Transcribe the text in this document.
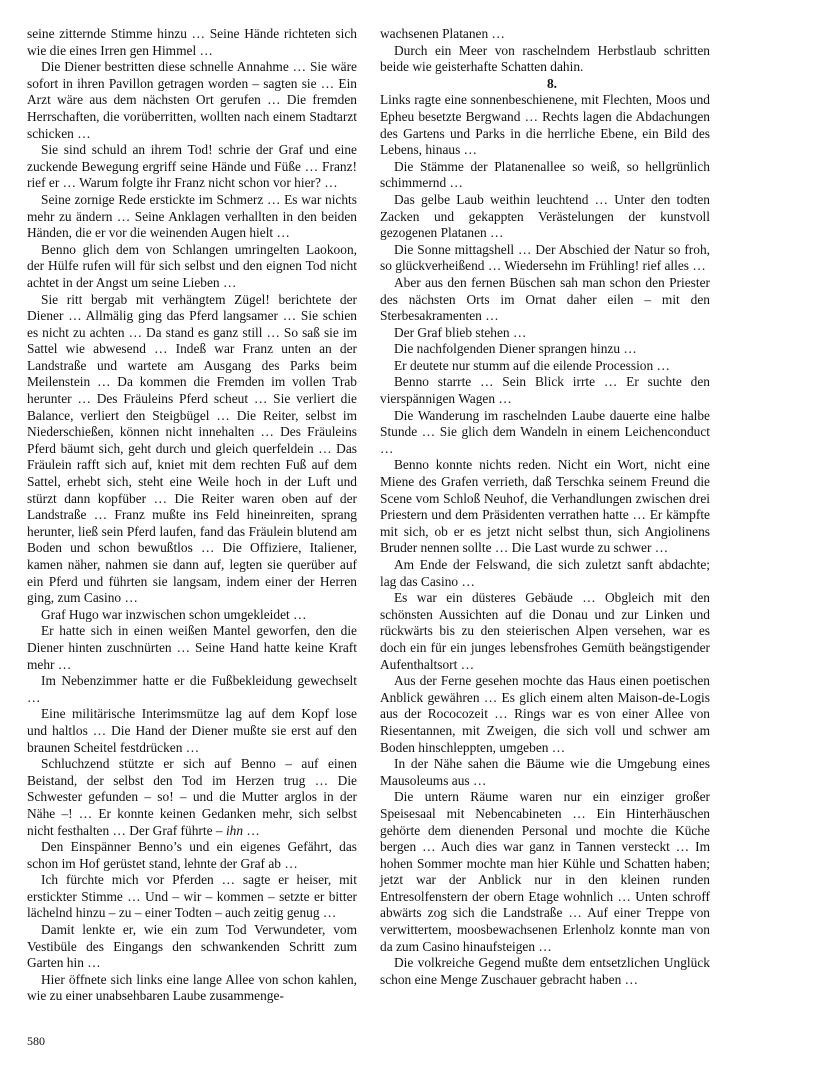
seine zitternde Stimme hinzu … Seine Hände richteten sich wie die eines Irren gen Himmel …

Die Diener bestritten diese schnelle Annahme … Sie wäre sofort in ihren Pavillon getragen worden – sagten sie … Ein Arzt wäre aus dem nächsten Ort gerufen … Die fremden Herrschaften, die vorüberritten, wollten nach einem Stadtarzt schicken …

Sie sind schuld an ihrem Tod! schrie der Graf und eine zuckende Bewegung ergriff seine Hände und Füße … Franz! rief er … Warum folgte ihr Franz nicht schon vor hier? …

Seine zornige Rede erstickte im Schmerz … Es war nichts mehr zu ändern … Seine Anklagen verhallten in den beiden Händen, die er vor die weinenden Augen hielt …

Benno glich dem von Schlangen umringelten Laokoon, der Hülfe rufen will für sich selbst und den eignen Tod nicht achtet in der Angst um seine Lieben …

Sie ritt bergab mit verhängtem Zügel! berichtete der Diener … Allmälig ging das Pferd langsamer … Sie schien es nicht zu achten … Da stand es ganz still … So saß sie im Sattel wie abwesend … Indeß war Franz unten an der Landstraße und wartete am Ausgang des Parks beim Meilenstein … Da kommen die Fremden im vollen Trab herunter … Des Fräuleins Pferd scheut … Sie verliert die Balance, verliert den Steigbügel … Die Reiter, selbst im Niederschießen, können nicht innehalten … Des Fräuleins Pferd bäumt sich, geht durch und gleich querfeldein … Das Fräulein rafft sich auf, kniet mit dem rechten Fuß auf dem Sattel, erhebt sich, steht eine Weile hoch in der Luft und stürzt dann kopfüber … Die Reiter waren oben auf der Landstraße … Franz mußte ins Feld hineinreiten, sprang herunter, ließ sein Pferd laufen, fand das Fräulein blutend am Boden und schon bewußtlos … Die Offiziere, Italiener, kamen näher, nahmen sie dann auf, legten sie querüber auf ein Pferd und führten sie langsam, indem einer der Herren ging, zum Casino …

Graf Hugo war inzwischen schon umgekleidet …

Er hatte sich in einen weißen Mantel geworfen, den die Diener hinten zuschnürten … Seine Hand hatte keine Kraft mehr …

Im Nebenzimmer hatte er die Fußbekleidung gewechselt …

Eine militärische Interimsmütze lag auf dem Kopf lose und haltlos … Die Hand der Diener mußte sie erst auf den braunen Scheitel festdrücken …

Schluchzend stützte er sich auf Benno – auf einen Beistand, der selbst den Tod im Herzen trug … Die Schwester gefunden – so! – und die Mutter arglos in der Nähe –! … Er konnte keinen Gedanken mehr, sich selbst nicht festhalten … Der Graf führte – ihn …

Den Einspänner Benno’s und ein eigenes Gefährt, das schon im Hof gerüstet stand, lehnte der Graf ab …

Ich fürchte mich vor Pferden … sagte er heiser, mit erstickter Stimme … Und – wir – kommen – setzte er bitter lächelnd hinzu – zu – einer Todten – auch zeitig genug …

Damit lenkte er, wie ein zum Tod Verwundeter, vom Vestibüle des Eingangs den schwankenden Schritt zum Garten hin …

Hier öffnete sich links eine lange Allee von schon kahlen, wie zu einer unabsehbaren Laube zusammenge-

wachsenen Platanen …

Durch ein Meer von raschelndem Herbstlaub schritten beide wie geisterhafte Schatten dahin.

8.

Links ragte eine sonnenbeschienene, mit Flechten, Moos und Epheu besetzte Bergwand … Rechts lagen die Abdachungen des Gartens und Parks in die herrliche Ebene, ein Bild des Lebens, hinaus …

Die Stämme der Platanenallee so weiß, so hellgrünlich schimmernd …

Das gelbe Laub weithin leuchtend … Unter den todten Zacken und gekappten Verästelungen der kunstvoll gezogenen Platanen …

Die Sonne mittagshell … Der Abschied der Natur so froh, so glückverheißend … Wiedersehn im Frühling! rief alles …

Aber aus den fernen Büschen sah man schon den Priester des nächsten Orts im Ornat daher eilen – mit den Sterbesakramenten …

Der Graf blieb stehen …

Die nachfolgenden Diener sprangen hinzu …

Er deutete nur stumm auf die eilende Procession …

Benno starrte … Sein Blick irrte … Er suchte den vierspännigen Wagen …

Die Wanderung im raschelnden Laube dauerte eine halbe Stunde … Sie glich dem Wandeln in einem Leichenconduct …

Benno konnte nichts reden. Nicht ein Wort, nicht eine Miene des Grafen verrieth, daß Terschka seinem Freund die Scene vom Schloß Neuhof, die Verhandlungen zwischen drei Priestern und dem Präsidenten verrathen hatte … Er kämpfte mit sich, ob er es jetzt nicht selbst thun, sich Angiolinens Bruder nennen sollte … Die Last wurde zu schwer …

Am Ende der Felswand, die sich zuletzt sanft abdachte; lag das Casino …

Es war ein düsteres Gebäude … Obgleich mit den schönsten Aussichten auf die Donau und zur Linken und rückwärts bis zu den steierischen Alpen versehen, war es doch ein für ein junges lebensfrohes Gemüth beängstigender Aufenthaltsort …

Aus der Ferne gesehen mochte das Haus einen poetischen Anblick gewähren … Es glich einem alten Maison-de-Logis aus der Rococozeit … Rings war es von einer Allee von Riesentannen, mit Zweigen, die sich voll und schwer am Boden hinschleppten, umgeben …

In der Nähe sahen die Bäume wie die Umgebung eines Mausoleums aus …

Die untern Räume waren nur ein einziger großer Speisesaal mit Nebencabineten … Ein Hinterhäuschen gehörte dem dienenden Personal und mochte die Küche bergen … Auch dies war ganz in Tannen versteckt … Im hohen Sommer mochte man hier Kühle und Schatten haben; jetzt war der Anblick nur in den kleinen runden Entresolfenstern der obern Etage wohnlich … Unten schroff abwärts zog sich die Landstraße … Auf einer Treppe von verwittertem, moosbewachsenen Erlenholz konnte man von da zum Casino hinaufsteigen …

Die volkreiche Gegend mußte dem entsetzlichen Unglück schon eine Menge Zuschauer gebracht haben …

580
